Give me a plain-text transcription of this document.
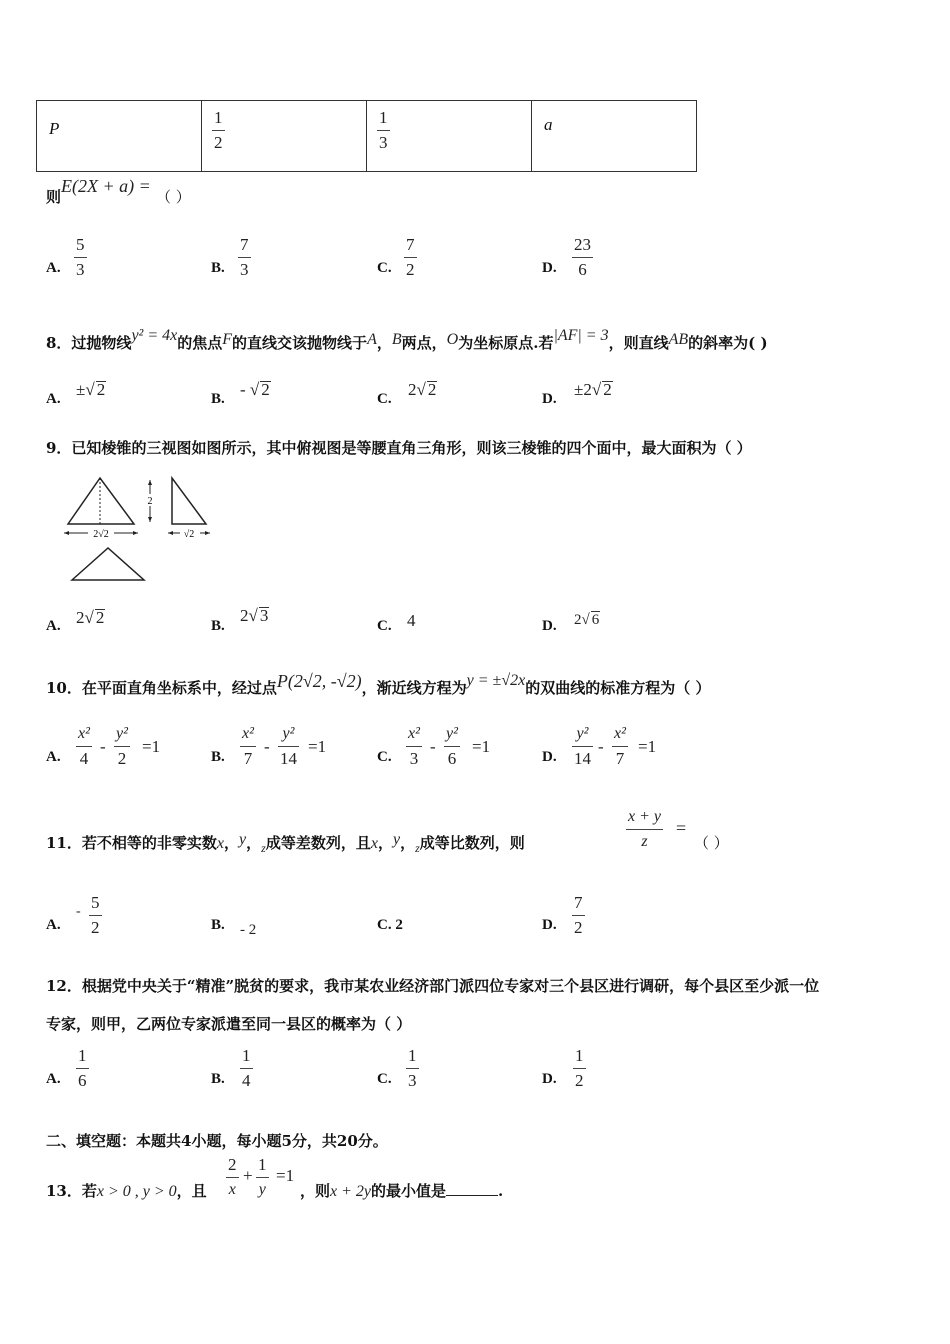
P

1
2

1
3

a
则E(2X + a) = （ ）
A.
5
3	B.
7
3	C.
7
2	D.
23
6
8．过抛物线y² = 4x的焦点F的直线交该抛物线于A，B两点，O为坐标原点.若|AF| = 3，则直线AB的斜率为( )
A. ±√ 2	B. - √ 2	C. 2√ 2	D. ±2√ 2
9．已知棱锥的三视图如图所示，其中俯视图是等腰直角三角形，则该三棱锥的四个面中，最大面积为（ ）
2√2
2
√2
A. 2√ 2	B.
2√ 3
C. 4	D. 2√ 6
10．在平面直角坐标系中，经过点P(2√2, -√2)，渐近线方程为y = ±√2x的双曲线的标准方程为（ ）
A.
x²
4
-
y²
2
=1
B.
x²
7
-
y²
14
=1
C.
x²
3
-
y²
6
=1
D.
y²
14
-
x²
7
=1
11．若不相等的非零实数x，y，$_z$成等差数列，且x，y，$_z$成等比数列，则
x + y
z
=
（ ）
A.
- 5
2	B. - 2	C. 2	D.
7
2
12．根据党中央关于“精准”脱贫的要求，我市某农业经济部门派四位专家对三个县区进行调研，每个县区至少派一位
专家，则甲，乙两位专家派遣至同一县区的概率为（ ）
A.
1
6	B.
1
4	C.
1
3	D.
1
2
二、填空题：本题共4小题，每小题5分，共20分。
13．若x > 0 , y > 0，且
2
x
+
1
y
=1
，则x + 2y的最小值是	.
